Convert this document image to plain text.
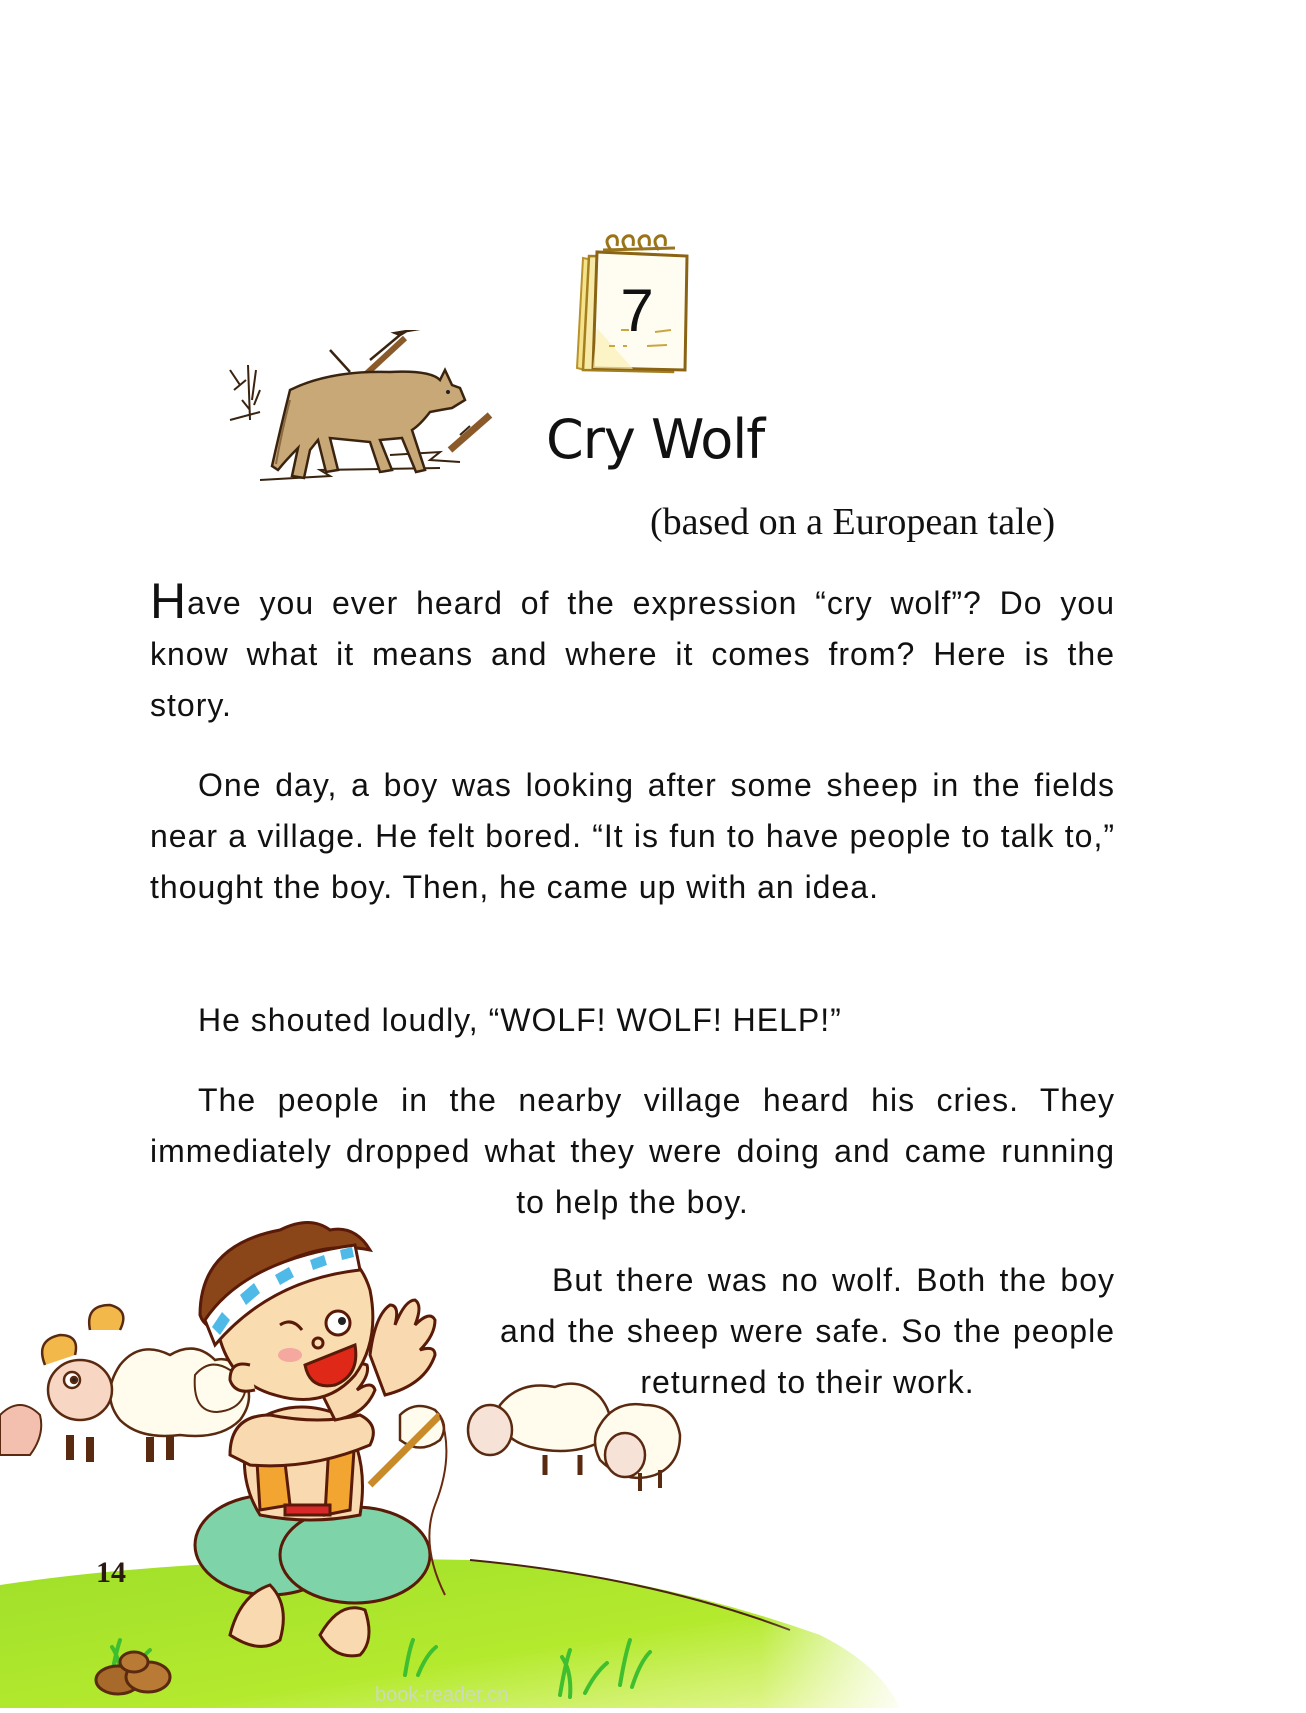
7
Cry Wolf
(based on a European tale)

Have you ever heard of the expression “cry wolf”? Do you know what it means and where it comes from? Here is the story.

One day, a boy was looking after some sheep in the fields near a village. He felt bored. “It is fun to have people to talk to,” thought the boy. Then, he came up with an idea.

He shouted loudly, “WOLF! WOLF! HELP!”

The people in the nearby village heard his cries. They immediately dropped what they were doing and came running to help the boy.

But there was no wolf. Both the boy and the sheep were safe. So the people returned to their work.

14
book-reader.cn
